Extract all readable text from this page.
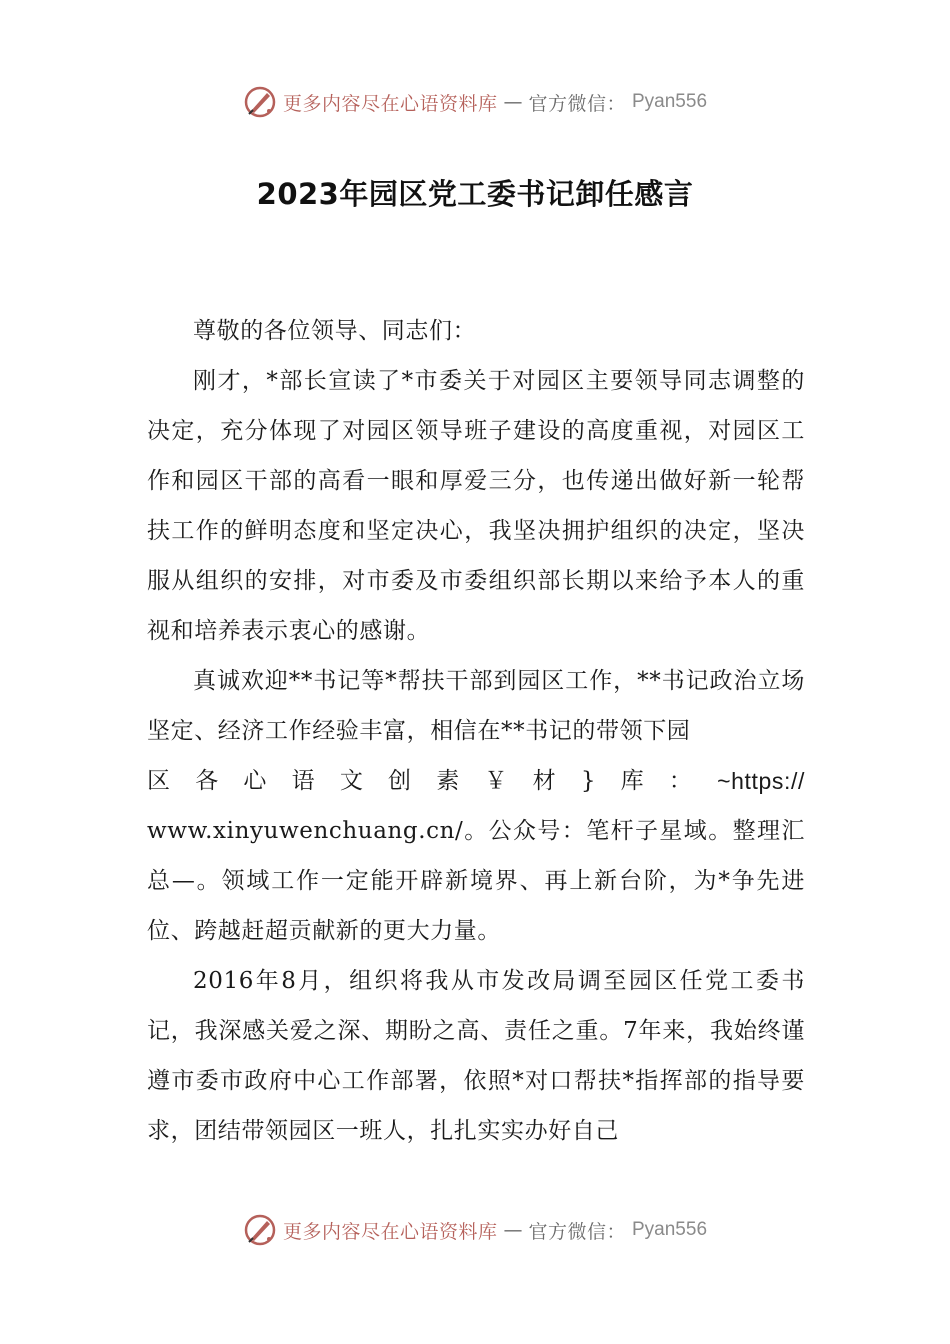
更多内容尽在心语资料库 — 官方微信： Pyan556
2023年园区党工委书记卸任感言

尊敬的各位领导、同志们：

刚才，*部长宣读了*市委关于对园区主要领导同志调整的决定，充分体现了对园区领导班子建设的高度重视，对园区工作和园区干部的高看一眼和厚爱三分，也传递出做好新一轮帮扶工作的鲜明态度和坚定决心，我坚决拥护组织的决定，坚决服从组织的安排，对市委及市委组织部长期以来给予本人的重视和培养表示衷心的感谢。

真诚欢迎**书记等*帮扶干部到园区工作，**书记政治立场坚定、经济工作经验丰富，相信在**书记的带领下园

区 各 心 语 文 创 素 ￥ 材 } 库 ： ~https://

www.xinyuwenchuang.cn/。公众号：笔杆子星域。整理汇总—。领域工作一定能开辟新境界、再上新台阶，为*争先进位、跨越赶超贡献新的更大力量。

2016年8月，组织将我从市发改局调至园区任党工委书记，我深感关爱之深、期盼之高、责任之重。7年来，我始终谨遵市委市政府中心工作部署，依照*对口帮扶*指挥部的指导要求，团结带领园区一班人，扎扎实实办好自己

更多内容尽在心语资料库 — 官方微信： Pyan556
